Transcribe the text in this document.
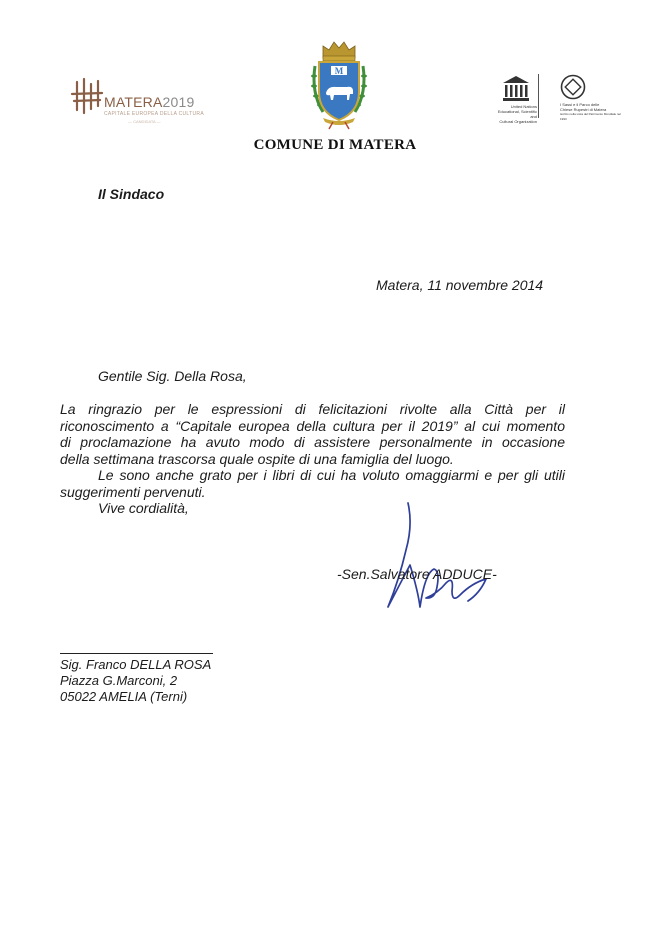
MATERA2019
CAPITALE EUROPEA DELLA CULTURA
— CANDIDATA —
M
United Nations
Educational, Scientific and
Cultural Organization
I Sassi e il Parco delle
Chiese Rupestri di Matera
iscritto nella Lista del Patrimonio Mondiale nel 1993
COMUNE DI MATERA
Il Sindaco
Matera, 11 novembre 2014
Gentile Sig. Della Rosa,

La ringrazio per le espressioni di felicitazioni rivolte alla Città per il

riconoscimento a “Capitale europea della cultura per il 2019” al cui momento

di proclamazione ha avuto modo di assistere personalmente in occasione

della settimana trascorsa quale ospite di una famiglia del luogo.

Le sono anche grato per i libri di cui ha voluto omaggiarmi e per gli utili

suggerimenti pervenuti.

Vive cordialità,

-Sen.Salvatore ADDUCE-
Sig. Franco DELLA ROSA
Piazza G.Marconi, 2
05022 AMELIA (Terni)
